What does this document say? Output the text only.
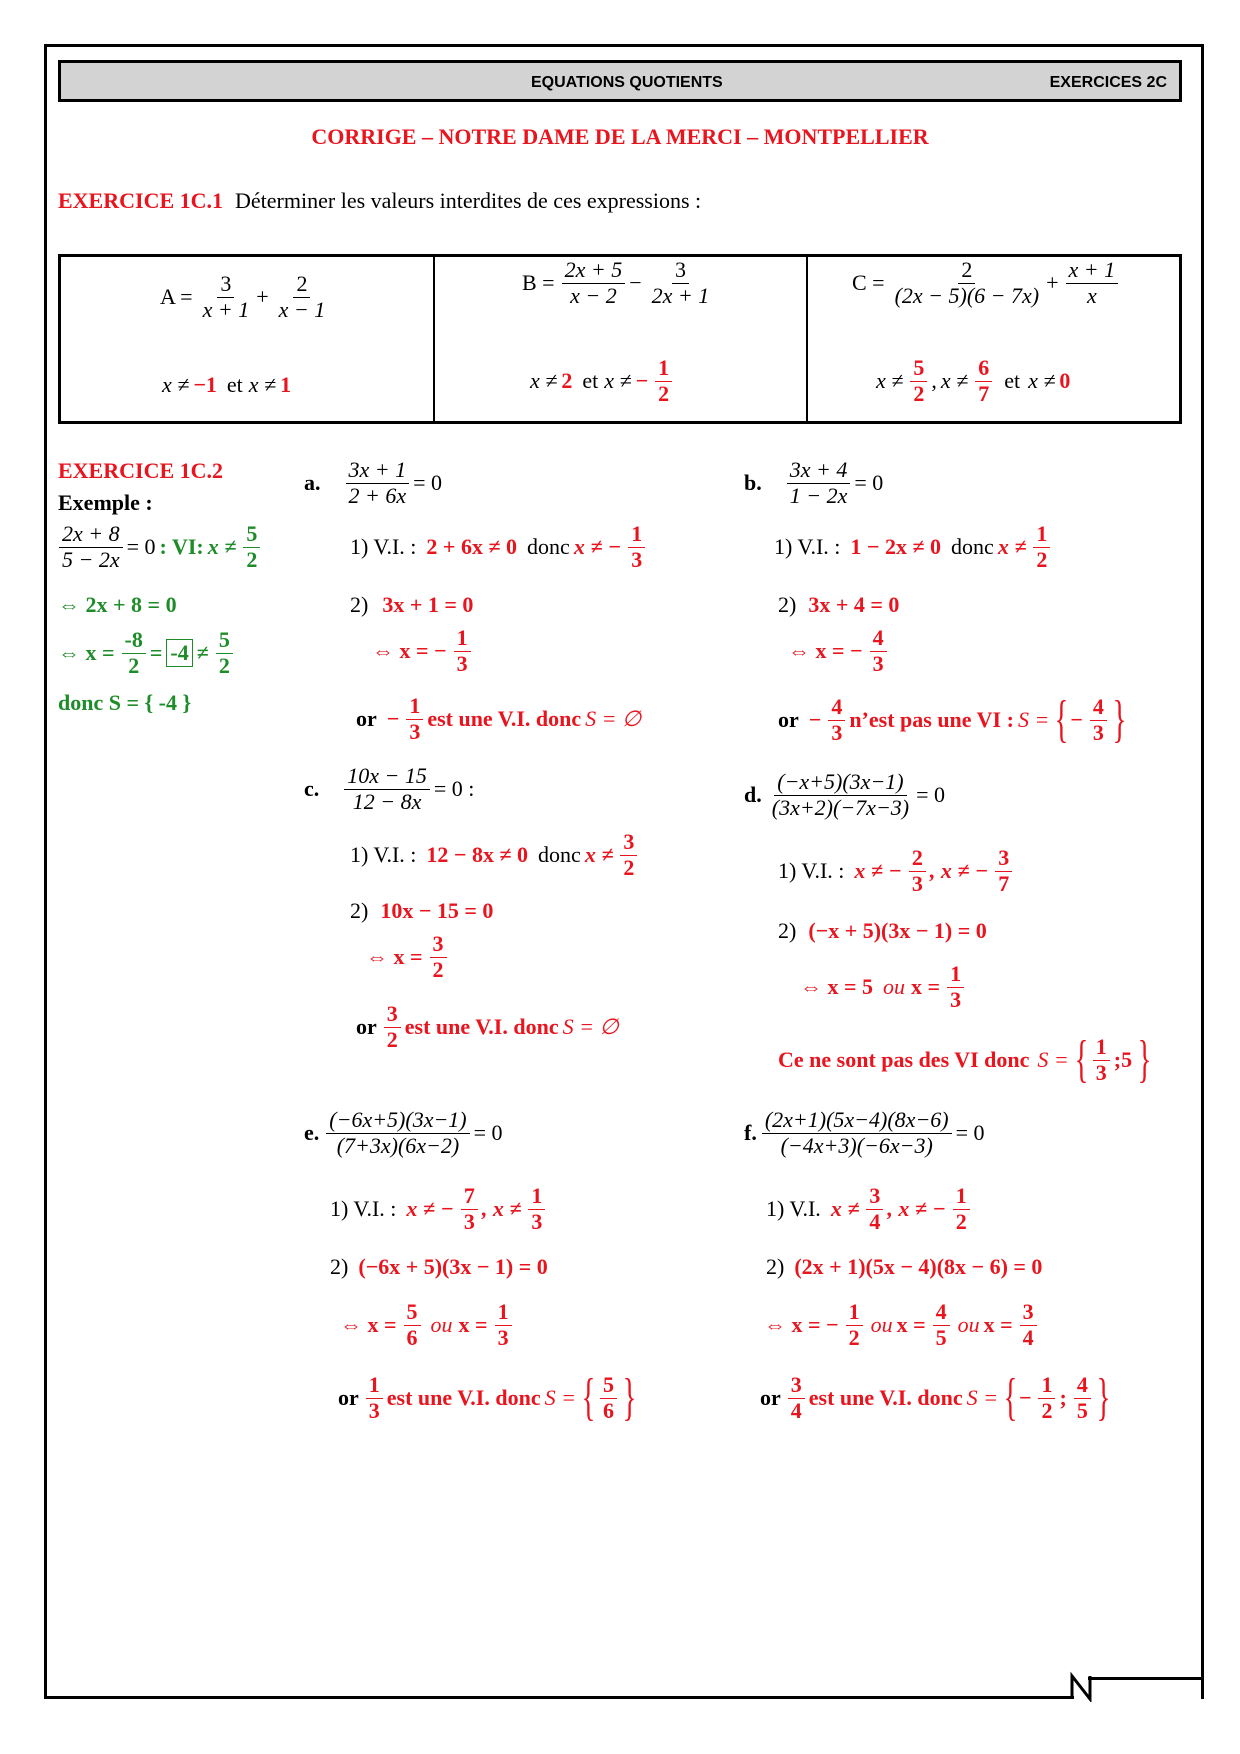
EQUATIONS QUOTIENTS	EXERCICES 2C
CORRIGE – NOTRE DAME DE LA MERCI – MONTPELLIER
EXERCICE 1C.1 Déterminer les valeurs interdites de ces expressions :
$A = \frac{3}{x + 1} + \frac{2}{x - 1}$
x ≠ −1 et x ≠ 1
$B = \frac{2x + 5}{x - 2} - \frac{3}{2x + 1}$
x ≠ 2 et x ≠ − $\frac{1}{2}$
$C = \frac{2}{(2x - 5)(6 - 7x)} + \frac{x + 1}{x}$
$x \ne \frac{5}{2}$ , $x \ne \frac{6}{7}$ et x ≠ 0
EXERCICE 1C.2
Exemple :
$\frac{2x + 8}{5 - 2x} = 0$ : VI: $x \ne \frac{5}{2}$
⇔ 2x + 8 = 0
⇔ $x = \frac{-8}{2} = -4 \ne \frac{5}{2}$
donc S = { -4 }
a. $\frac{3x + 1}{2 + 6x} = 0$
1) V.I. : 2 + 6x ≠ 0 donc x ≠ − $\frac{1}{3}$
2) 3x + 1 = 0
⇔ x = − $\frac{1}{3}$
or − $\frac{1}{3}$ est une V.I. donc S = ∅
b. $\frac{3x + 4}{1 - 2x} = 0$
1) V.I. : 1 − 2x ≠ 0 donc $x \ne \frac{1}{2}$
2) 3x + 4 = 0
⇔ x = − $\frac{4}{3}$
or − $\frac{4}{3}$ n’est pas une VI : S = { − $\frac{4}{3}$ }
c. $\frac{10x - 15}{12 - 8x} = 0$ :
1) V.I. : 12 − 8x ≠ 0 donc $x \ne \frac{3}{2}$
2) 10x − 15 = 0
⇔ $x = \frac{3}{2}$
or $\frac{3}{2}$ est une V.I. donc S = ∅
d. $\frac{(-x+5)(3x-1)}{(3x+2)(-7x-3)} = 0$
1) V.I. : x ≠ − $\frac{2}{3}$ , x ≠ − $\frac{3}{7}$
2) (−x + 5)(3x − 1) = 0
⇔ x = 5 ou $x = \frac{1}{3}$
Ce ne sont pas des VI donc S = { $\frac{1}{3}$ ;5 }
e. $\frac{(-6x+5)(3x-1)}{(7+3x)(6x-2)} = 0$
1) V.I. : x ≠ − $\frac{7}{3}$ , $x \ne \frac{1}{3}$
2) (−6x + 5)(3x − 1) = 0
⇔ $x = \frac{5}{6}$ ou $x = \frac{1}{3}$
or $\frac{1}{3}$ est une V.I. donc S = { $\frac{5}{6}$ }
f. $\frac{(2x+1)(5x-4)(8x-6)}{(-4x+3)(-6x-3)} = 0$
1) V.I. $x \ne \frac{3}{4}$ , x ≠ − $\frac{1}{2}$
2) (2x + 1)(5x − 4)(8x − 6) = 0
⇔ x = − $\frac{1}{2}$ ou $x = \frac{4}{5}$ ou $x = \frac{3}{4}$
or $\frac{3}{4}$ est une V.I. donc S = { − $\frac{1}{2}$ ; $\frac{4}{5}$ }
